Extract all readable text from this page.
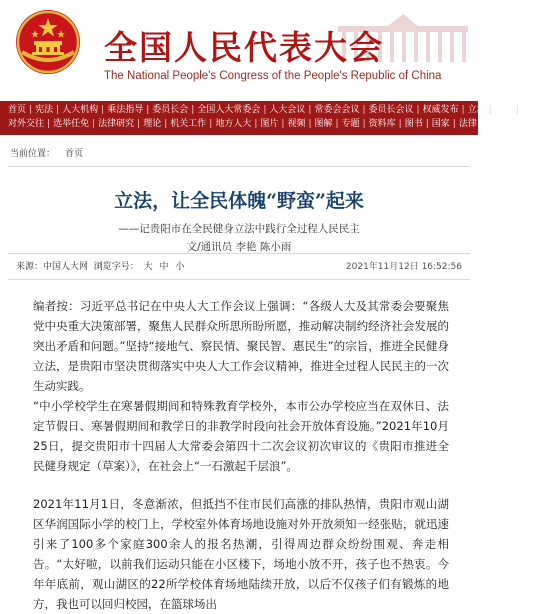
全国人民代表大会
The National People's Congress of the People's Republic of China
首页 | 宪法 | 人大机构 | 乘法指导 | 委员长会 | 全国人大常委会 | 人大会议 | 常委会会议 | 委员长会议 | 权威发布 | 立法 | 监督 | 代表
对外交往 | 选举任免 | 法律研究 | 理论 | 机关工作 | 地方人大 | 图片 | 视频 | 图解 | 专题 | 资料库 | 图书 | 国家 | 法律
当前位置： 首页
立法，让全民体魄“野蛮”起来
——记贵阳市在全民健身立法中践行全过程人民民主
文/通讯员 李艳 陈小雨
来源：中国人大网 浏览字号： 大 中 小	2021年11月12日 16:52:56

编者按：习近平总书记在中央人大工作会议上强调：“各级人大及其常委会要聚焦党中央重大决策部署，聚焦人民群众所思所盼所愿，推动解决制约经济社会发展的突出矛盾和问题。”坚持“接地气、察民情、聚民智、惠民生”的宗旨，推进全民健身立法，是贵阳市坚决贯彻落实中央人大工作会议精神，推进全过程人民民主的一次生动实践。

“中小学校学生在寒暑假期间和特殊教育学校外，本市公办学校应当在双休日、法定节假日、寒暑假期间和教学日的非教学时段向社会开放体育设施。”2021年10月25日，提交贵阳市十四届人大常委会第四十二次会议初次审议的《贵阳市推进全民健身规定（草案）》，在社会上“一石激起千层浪”。

2021年11月1日，冬意渐浓，但抵挡不住市民们高涨的排队热情，贵阳市观山湖区华润国际小学的校门上，学校室外体育场地设施对外开放须知一经张贴，就迅速引来了100多个家庭300余人的报名热潮，引得周边群众纷纷围观、奔走相告。“太好啦，以前我们运动只能在小区楼下，场地小放不开，孩子也不热衷。今年年底前，观山湖区的22所学校体育场地陆续开放，以后不仅孩子们有锻炼的地方，我也可以回归校园，在篮球场出
